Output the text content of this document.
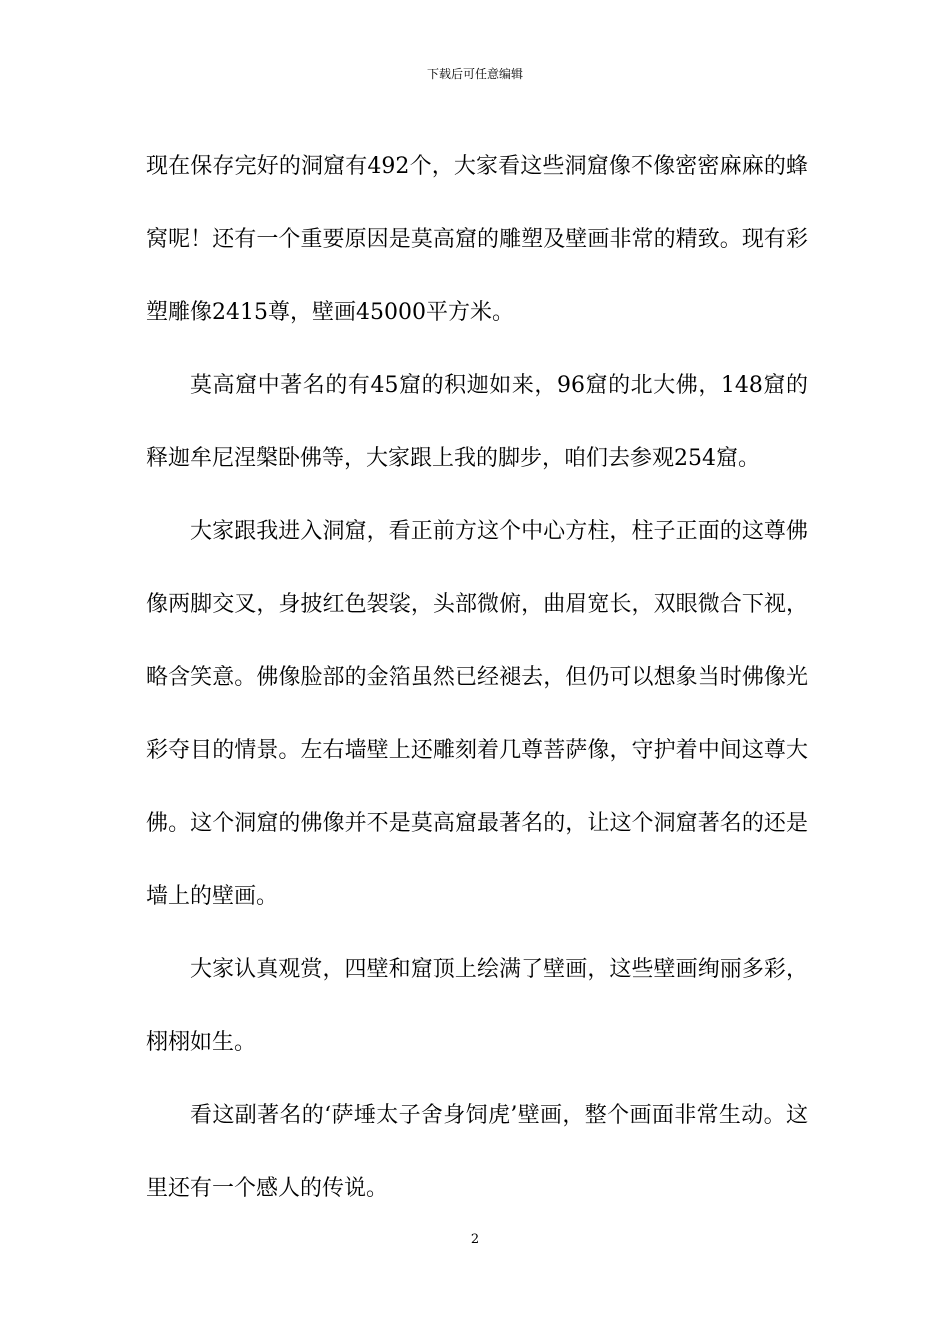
下载后可任意编辑

现在保存完好的洞窟有492个，大家看这些洞窟像不像密密麻麻的蜂窝呢！还有一个重要原因是莫高窟的雕塑及壁画非常的精致。现有彩塑雕像2415尊，壁画45000平方米。

莫高窟中著名的有45窟的积迦如来，96窟的北大佛，148窟的释迦牟尼涅槃卧佛等，大家跟上我的脚步，咱们去参观254窟。

大家跟我进入洞窟，看正前方这个中心方柱，柱子正面的这尊佛像两脚交叉，身披红色袈裟，头部微俯，曲眉宽长，双眼微合下视，略含笑意。佛像脸部的金箔虽然已经褪去，但仍可以想象当时佛像光彩夺目的情景。左右墙壁上还雕刻着几尊菩萨像，守护着中间这尊大佛。这个洞窟的佛像并不是莫高窟最著名的，让这个洞窟著名的还是墙上的壁画。

大家认真观赏，四壁和窟顶上绘满了壁画，这些壁画绚丽多彩，栩栩如生。

看这副著名的‘萨埵太子舍身饲虎’壁画，整个画面非常生动。这里还有一个感人的传说。

2
